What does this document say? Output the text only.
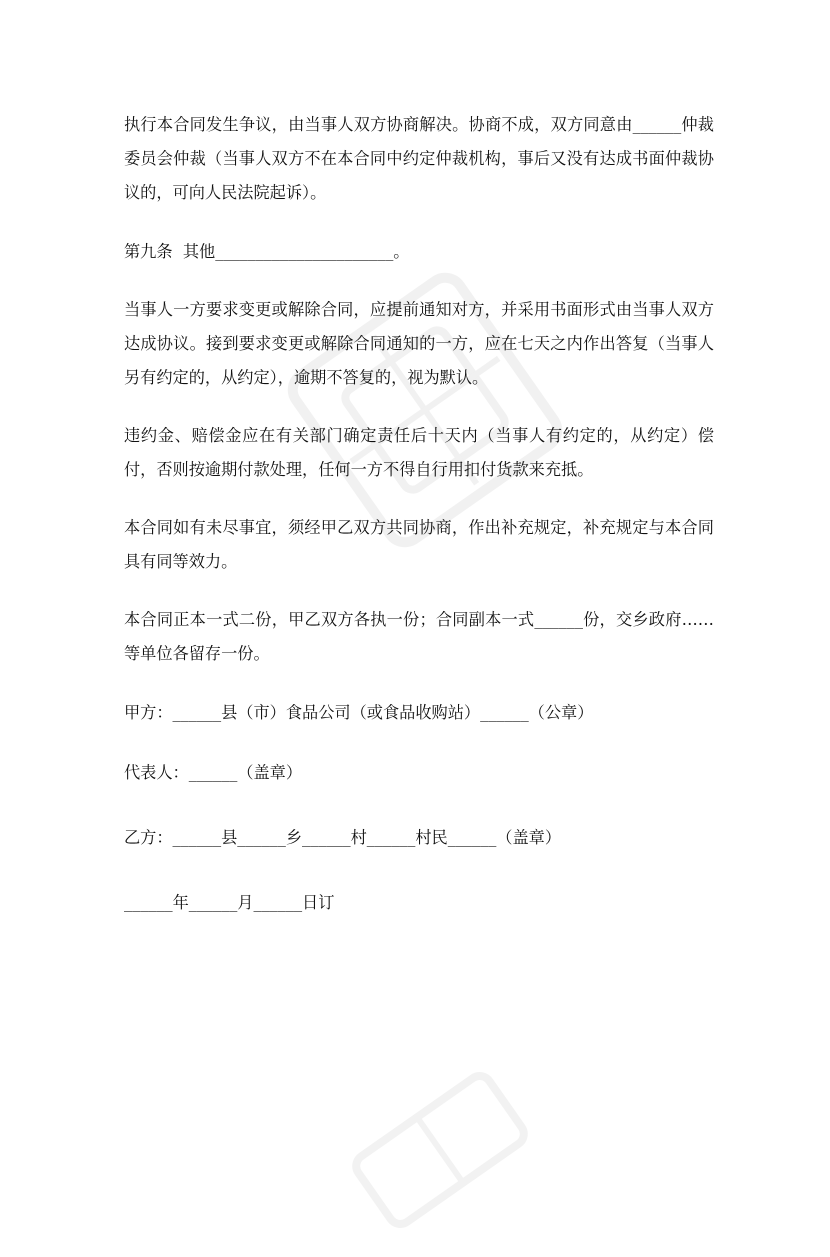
执行本合同发生争议，由当事人双方协商解决。协商不成，双方同意由______仲裁委员会仲裁（当事人双方不在本合同中约定仲裁机构，事后又没有达成书面仲裁协议的，可向人民法院起诉）。

第九条  其他______________________。

当事人一方要求变更或解除合同，应提前通知对方，并采用书面形式由当事人双方达成协议。接到要求变更或解除合同通知的一方，应在七天之内作出答复（当事人另有约定的，从约定），逾期不答复的，视为默认。

违约金、赔偿金应在有关部门确定责任后十天内（当事人有约定的，从约定）偿付，否则按逾期付款处理，任何一方不得自行用扣付货款来充抵。

本合同如有未尽事宜，须经甲乙双方共同协商，作出补充规定，补充规定与本合同具有同等效力。

本合同正本一式二份，甲乙双方各执一份；合同副本一式______份，交乡政府……等单位各留存一份。

甲方：______县（市）食品公司（或食品收购站）______（公章）

代表人：______（盖章）

乙方：______县______乡______村______村民______（盖章）

______年______月______日订
